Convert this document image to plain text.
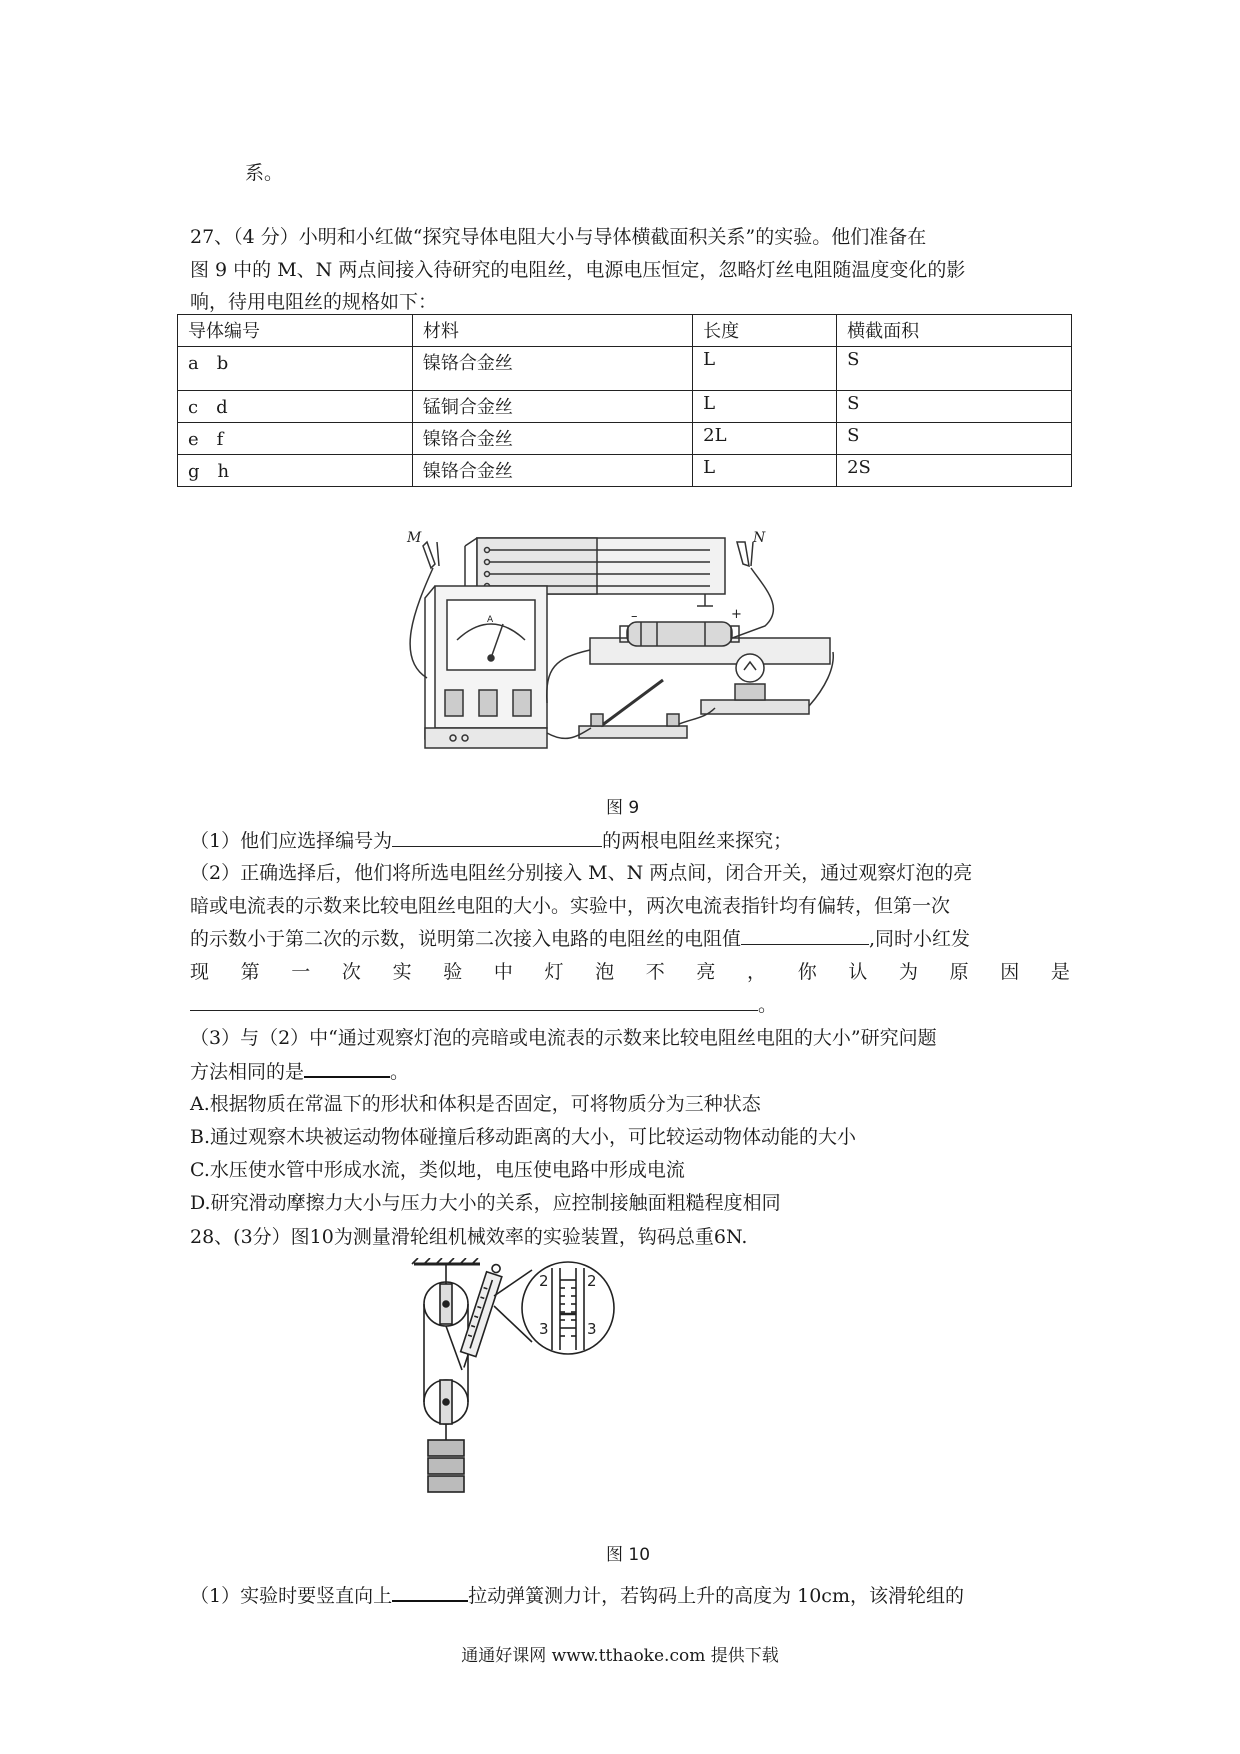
系。
27、（4 分）小明和小红做“探究导体电阻大小与导体横截面积关系”的实验。他们准备在
图 9 中的 M、N 两点间接入待研究的电阻丝，电源电压恒定，忽略灯丝电阻随温度变化的影
响，待用电阻丝的规格如下：
导体编号	材料	长度	横截面积
a　b	镍铬合金丝	L	S
c　d	锰铜合金丝	L	S
e　f	镍铬合金丝	2L	S
g　h	镍铬合金丝	L	2S
M	N
–	+
A
图 9
（1）他们应选择编号为	的两根电阻丝来探究；
（2）正确选择后，他们将所选电阻丝分别接入 M、N 两点间，闭合开关，通过观察灯泡的亮
暗或电流表的示数来比较电阻丝电阻的大小。实验中，两次电流表指针均有偏转，但第一次
的示数小于第二次的示数，说明第二次接入电路的电阻丝的电阻值	,同时小红发
现 第 一 次 实 验 中 灯 泡 不 亮 ， 你 认 为 原 因 是
。
（3）与（2）中“通过观察灯泡的亮暗或电流表的示数来比较电阻丝电阻的大小”研究问题
方法相同的是	。
A.根据物质在常温下的形状和体积是否固定，可将物质分为三种状态
B.通过观察木块被运动物体碰撞后移动距离的大小，可比较运动物体动能的大小
C.水压使水管中形成水流，类似地，电压使电路中形成电流
D.研究滑动摩擦力大小与压力大小的关系，应控制接触面粗糙程度相同
28、(3分）图10为测量滑轮组机械效率的实验装置，钩码总重6N.
2	2
3	3
图 10
（1）实验时要竖直向上	拉动弹簧测力计，若钩码上升的高度为 10cm，该滑轮组的
通通好课网 www.tthaoke.com 提供下载
